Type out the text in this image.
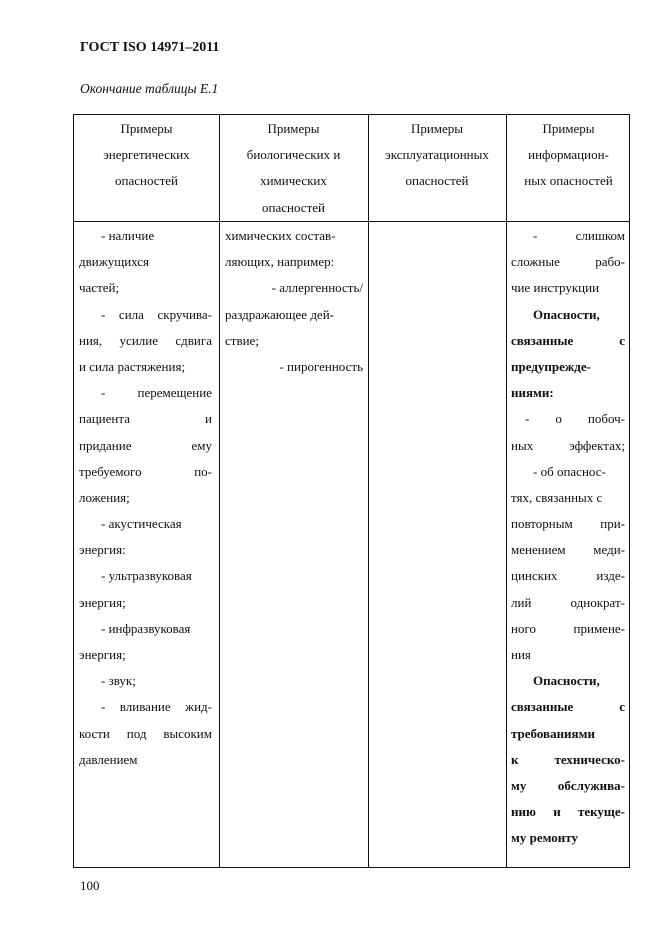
ГОСТ ISO 14971–2011
Окончание таблицы Е.1
Примеры
энергетических
опасностей
Примеры
биологических и
химических
опасностей
Примеры
эксплуатационных
опасностей
Примеры
информацион-
ных опасностей
- наличие
движущихся
частей;
- сила скручива-
ния, усилие сдвига
и сила растяжения;
- перемещение
пациента и
придание ему
требуемого по-
ложения;
- акустическая
энергия:
- ультразвуковая
энергия;
- инфразвуковая
энергия;
- звук;
- вливание жид-
кости под высоким
давлением
химических состав-
ляющих, например:
- аллергенность/
раздражающее дей-
ствие;
- пирогенность
- слишком
сложные рабо-
чие инструкции
Опасности,
связанные с
предупрежде-
ниями:
- о побоч-
ных эффектах;
- об опаснос-
тях, связанных с
повторным при-
менением меди-
цинских изде-
лий однократ-
ного примене-
ния
Опасности,
связанные с
требованиями
к техническо-
му обслужива-
нию и текуще-
му ремонту
100
